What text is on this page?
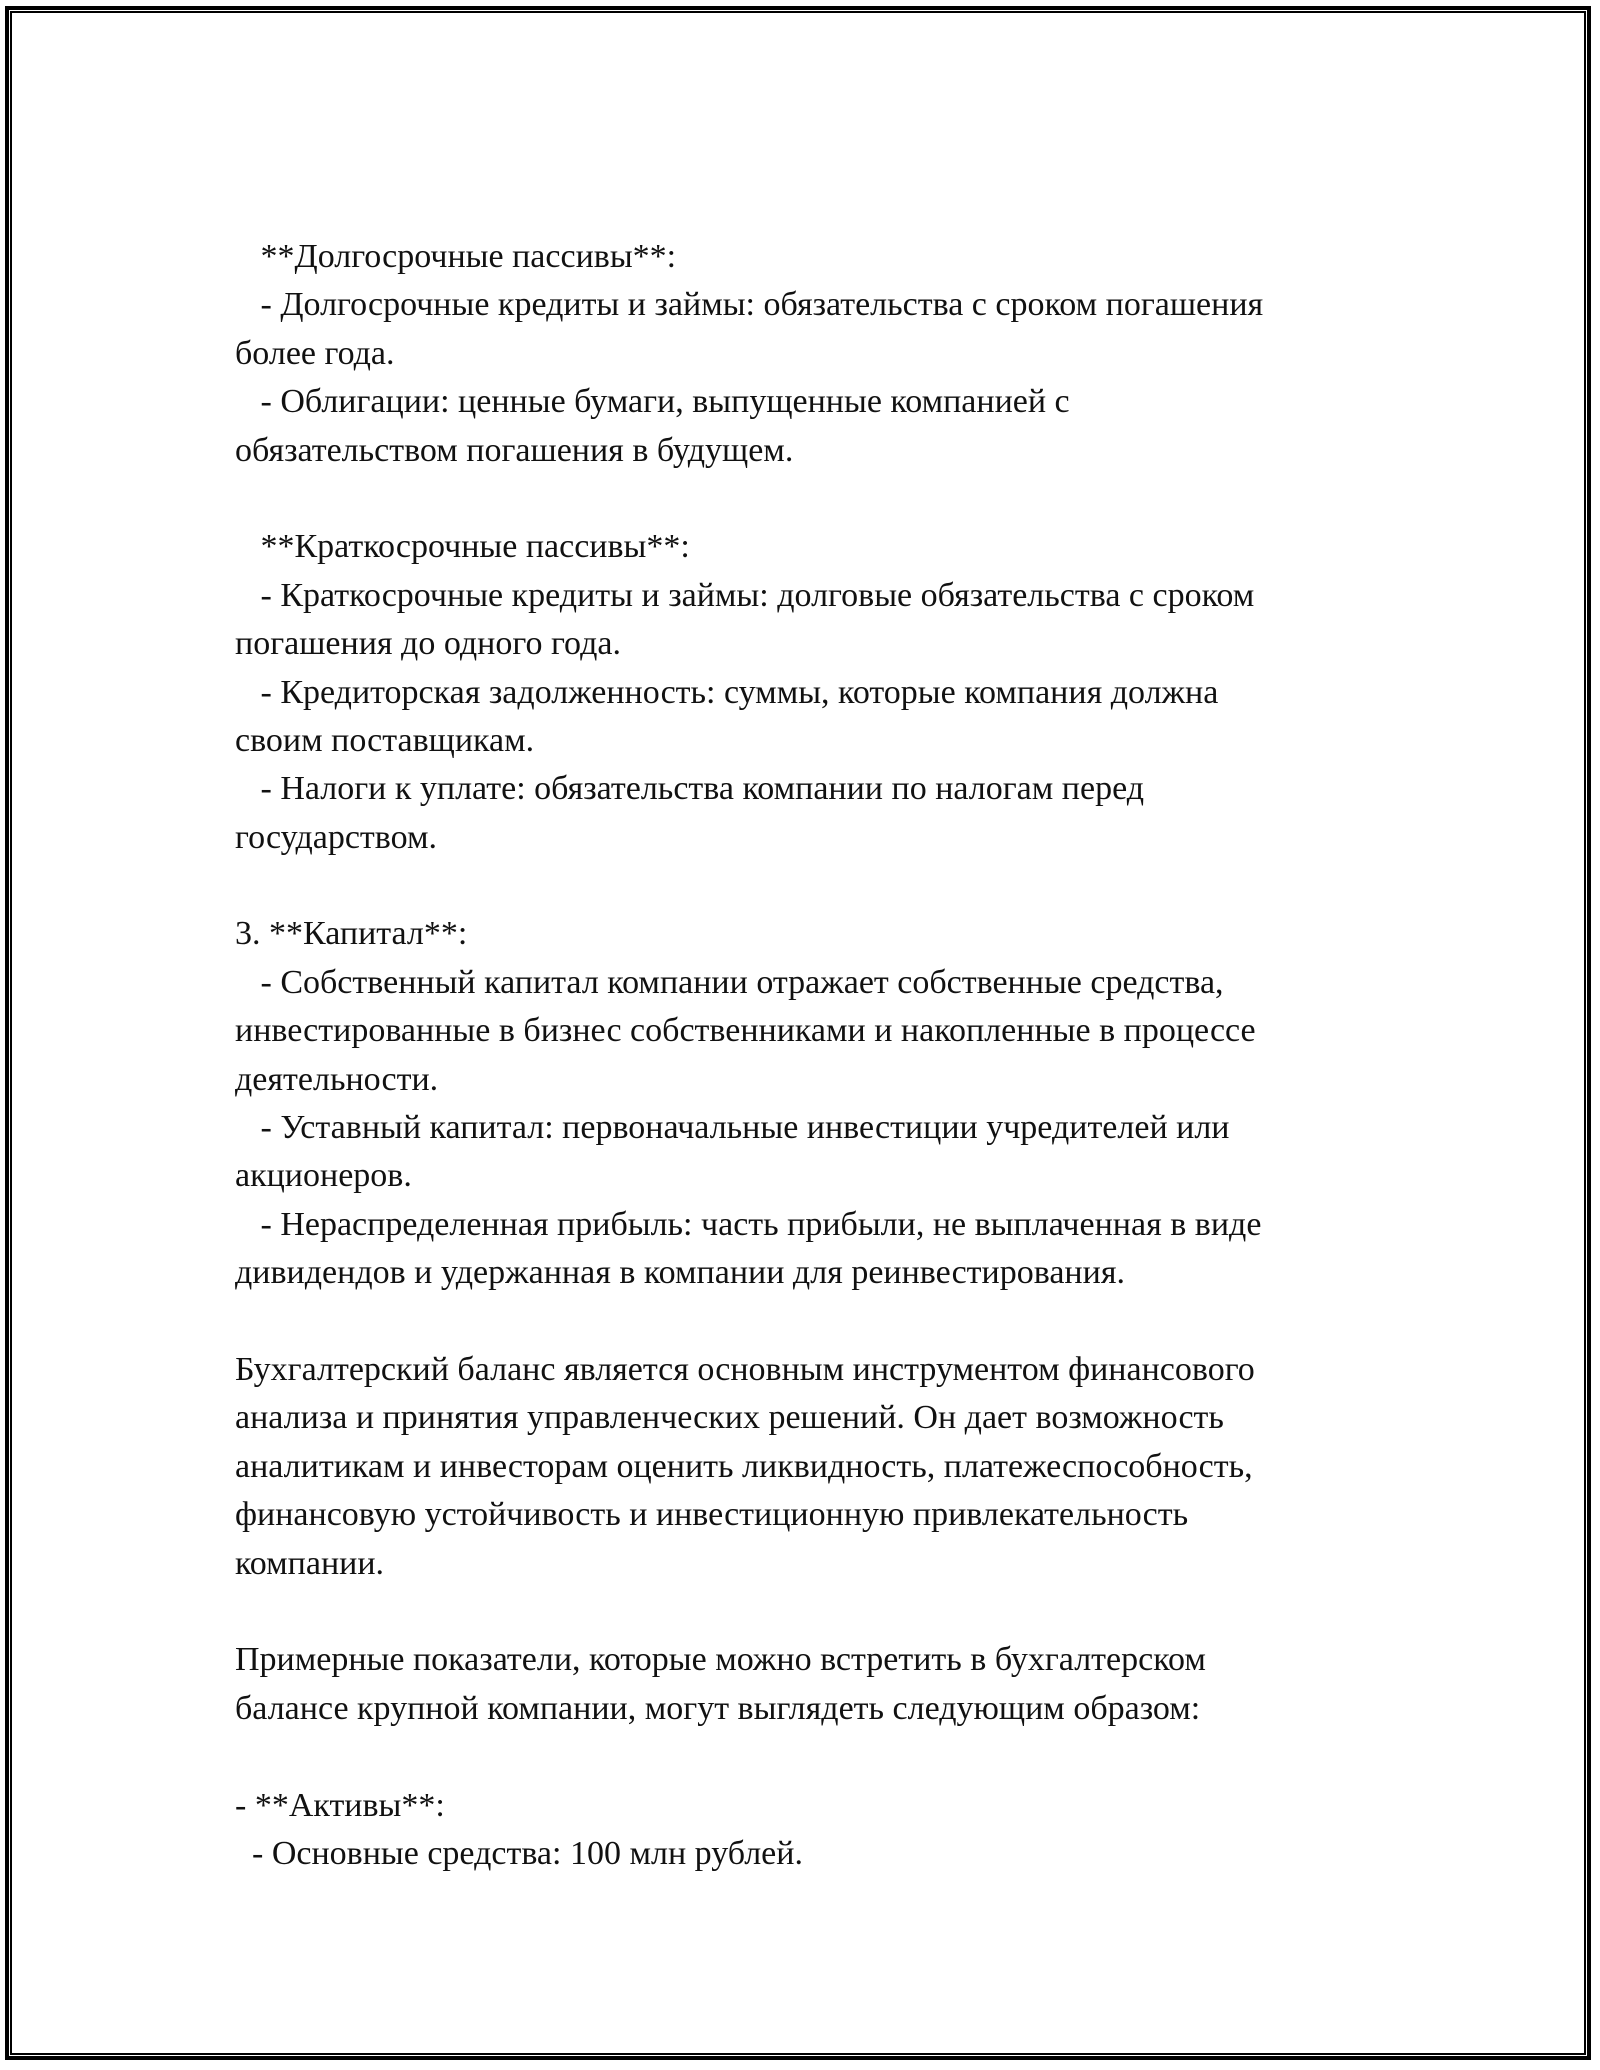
**Долгосрочные пассивы**:
- Долгосрочные кредиты и займы: обязательства с сроком погашения
более года.
- Облигации: ценные бумаги, выпущенные компанией с
обязательством погашения в будущем.
**Краткосрочные пассивы**:
- Краткосрочные кредиты и займы: долговые обязательства с сроком
погашения до одного года.
- Кредиторская задолженность: суммы, которые компания должна
своим поставщикам.
- Налоги к уплате: обязательства компании по налогам перед
государством.
3. **Капитал**:
- Собственный капитал компании отражает собственные средства,
инвестированные в бизнес собственниками и накопленные в процессе
деятельности.
- Уставный капитал: первоначальные инвестиции учредителей или
акционеров.
- Нераспределенная прибыль: часть прибыли, не выплаченная в виде
дивидендов и удержанная в компании для реинвестирования.
Бухгалтерский баланс является основным инструментом финансового
анализа и принятия управленческих решений. Он дает возможность
аналитикам и инвесторам оценить ликвидность, платежеспособность,
финансовую устойчивость и инвестиционную привлекательность
компании.
Примерные показатели, которые можно встретить в бухгалтерском
балансе крупной компании, могут выглядеть следующим образом:
- **Активы**:
- Основные средства: 100 млн рублей.
